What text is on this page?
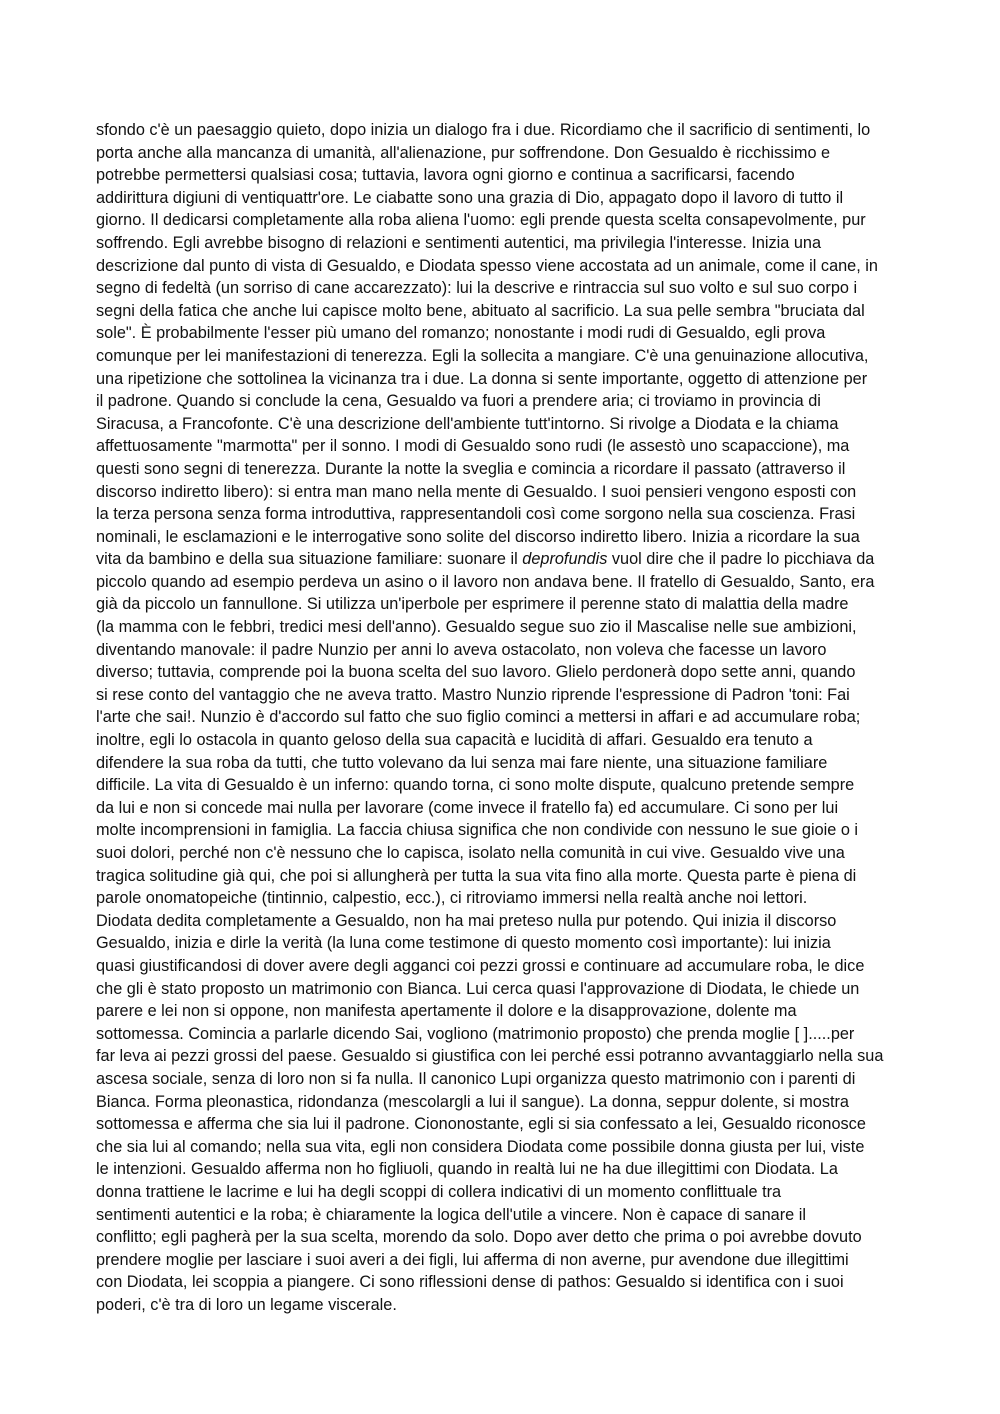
sfondo c'è un paesaggio quieto, dopo inizia un dialogo fra i due. Ricordiamo che il sacrificio di sentimenti, lo
porta anche alla mancanza di umanità, all'alienazione, pur soffrendone. Don Gesualdo è ricchissimo e
potrebbe permettersi qualsiasi cosa; tuttavia, lavora ogni giorno e continua a sacrificarsi, facendo
addirittura digiuni di ventiquattr'ore. Le ciabatte sono una grazia di Dio, appagato dopo il lavoro di tutto il
giorno. Il dedicarsi completamente alla roba aliena l'uomo: egli prende questa scelta consapevolmente, pur
soffrendo. Egli avrebbe bisogno di relazioni e sentimenti autentici, ma privilegia l'interesse. Inizia una
descrizione dal punto di vista di Gesualdo, e Diodata spesso viene accostata ad un animale, come il cane, in
segno di fedeltà (un sorriso di cane accarezzato): lui la descrive e rintraccia sul suo volto e sul suo corpo i
segni della fatica che anche lui capisce molto bene, abituato al sacrificio. La sua pelle sembra "bruciata dal
sole". È probabilmente l'esser più umano del romanzo; nonostante i modi rudi di Gesualdo, egli prova
comunque per lei manifestazioni di tenerezza. Egli la sollecita a mangiare. C'è una genuinazione allocutiva,
una ripetizione che sottolinea la vicinanza tra i due. La donna si sente importante, oggetto di attenzione per
il padrone. Quando si conclude la cena, Gesualdo va fuori a prendere aria; ci troviamo in provincia di
Siracusa, a Francofonte. C'è una descrizione dell'ambiente tutt'intorno. Si rivolge a Diodata e la chiama
affettuosamente "marmotta" per il sonno. I modi di Gesualdo sono rudi (le assestò uno scapaccione), ma
questi sono segni di tenerezza. Durante la notte la sveglia e comincia a ricordare il passato (attraverso il
discorso indiretto libero): si entra man mano nella mente di Gesualdo. I suoi pensieri vengono esposti con
la terza persona senza forma introduttiva, rappresentandoli così come sorgono nella sua coscienza. Frasi
nominali, le esclamazioni e le interrogative sono solite del discorso indiretto libero. Inizia a ricordare la sua
vita da bambino e della sua situazione familiare: suonare il deprofundis vuol dire che il padre lo picchiava da
piccolo quando ad esempio perdeva un asino o il lavoro non andava bene. Il fratello di Gesualdo, Santo, era
già da piccolo un fannullone. Si utilizza un'iperbole per esprimere il perenne stato di malattia della madre
(la mamma con le febbri, tredici mesi dell'anno). Gesualdo segue suo zio il Mascalise nelle sue ambizioni,
diventando manovale: il padre Nunzio per anni lo aveva ostacolato, non voleva che facesse un lavoro
diverso; tuttavia, comprende poi la buona scelta del suo lavoro. Glielo perdonerà dopo sette anni, quando
si rese conto del vantaggio che ne aveva tratto. Mastro Nunzio riprende l'espressione di Padron 'toni: Fai
l'arte che sai!. Nunzio è d'accordo sul fatto che suo figlio cominci a mettersi in affari e ad accumulare roba;
inoltre, egli lo ostacola in quanto geloso della sua capacità e lucidità di affari. Gesualdo era tenuto a
difendere la sua roba da tutti, che tutto volevano da lui senza mai fare niente, una situazione familiare
difficile. La vita di Gesualdo è un inferno: quando torna, ci sono molte dispute, qualcuno pretende sempre
da lui e non si concede mai nulla per lavorare (come invece il fratello fa) ed accumulare. Ci sono per lui
molte incomprensioni in famiglia. La faccia chiusa significa che non condivide con nessuno le sue gioie o i
suoi dolori, perché non c'è nessuno che lo capisca, isolato nella comunità in cui vive. Gesualdo vive una
tragica solitudine già qui, che poi si allungherà per tutta la sua vita fino alla morte. Questa parte è piena di
parole onomatopeiche (tintinnio, calpestio, ecc.), ci ritroviamo immersi nella realtà anche noi lettori.
Diodata dedita completamente a Gesualdo, non ha mai preteso nulla pur potendo. Qui inizia il discorso
Gesualdo, inizia e dirle la verità (la luna come testimone di questo momento così importante): lui inizia
quasi giustificandosi di dover avere degli agganci coi pezzi grossi e continuare ad accumulare roba, le dice
che gli è stato proposto un matrimonio con Bianca. Lui cerca quasi l'approvazione di Diodata, le chiede un
parere e lei non si oppone, non manifesta apertamente il dolore e la disapprovazione, dolente ma
sottomessa. Comincia a parlarle dicendo Sai, vogliono (matrimonio proposto) che prenda moglie [ ].....per
far leva ai pezzi grossi del paese. Gesualdo si giustifica con lei perché essi potranno avvantaggiarlo nella sua
ascesa sociale, senza di loro non si fa nulla. Il canonico Lupi organizza questo matrimonio con i parenti di
Bianca. Forma pleonastica, ridondanza (mescolargli a lui il sangue). La donna, seppur dolente, si mostra
sottomessa e afferma che sia lui il padrone. Ciononostante, egli si sia confessato a lei, Gesualdo riconosce
che sia lui al comando; nella sua vita, egli non considera Diodata come possibile donna giusta per lui, viste
le intenzioni. Gesualdo afferma non ho figliuoli, quando in realtà lui ne ha due illegittimi con Diodata. La
donna trattiene le lacrime e lui ha degli scoppi di collera indicativi di un momento conflittuale tra
sentimenti autentici e la roba; è chiaramente la logica dell'utile a vincere. Non è capace di sanare il
conflitto; egli pagherà per la sua scelta, morendo da solo. Dopo aver detto che prima o poi avrebbe dovuto
prendere moglie per lasciare i suoi averi a dei figli, lui afferma di non averne, pur avendone due illegittimi
con Diodata, lei scoppia a piangere. Ci sono riflessioni dense di pathos: Gesualdo si identifica con i suoi
poderi, c'è tra di loro un legame viscerale.
